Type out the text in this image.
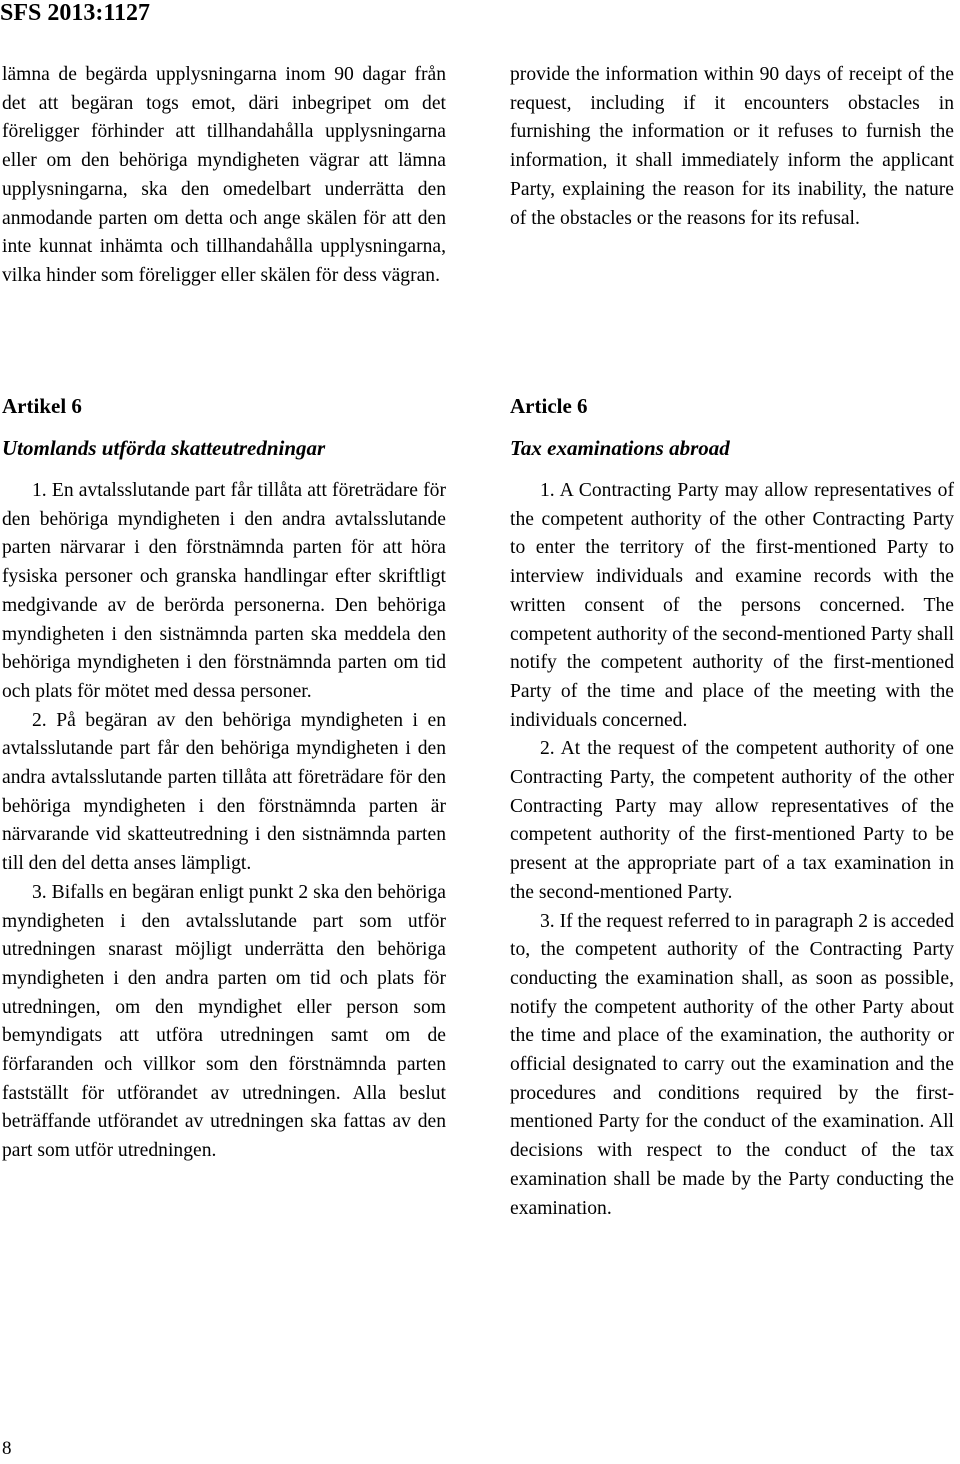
SFS 2013:1127

lämna de begärda upplysningarna inom 90 dagar från det att begäran togs emot, däri inbegripet om det föreligger förhinder att tillhandahålla upplysningarna eller om den behöriga myndigheten vägrar att lämna upplysningarna, ska den omedelbart underrätta den anmodande parten om detta och ange skälen för att den inte kunnat inhämta och tillhandahålla upplysningarna, vilka hinder som föreligger eller skälen för dess vägran.

provide the information within 90 days of receipt of the request, including if it encounters obstacles in furnishing the information or it refuses to furnish the information, it shall immediately inform the applicant Party, explaining the reason for its inability, the nature of the obstacles or the reasons for its refusal.

Artikel 6
Utomlands utförda skatteutredningar
Article 6
Tax examinations abroad

1. En avtalsslutande part får tillåta att företrädare för den behöriga myndigheten i den andra avtalsslutande parten närvarar i den förstnämnda parten för att höra fysiska personer och granska handlingar efter skriftligt medgivande av de berörda personerna. Den behöriga myndigheten i den sistnämnda parten ska meddela den behöriga myndigheten i den förstnämnda parten om tid och plats för mötet med dessa personer.

2. På begäran av den behöriga myndigheten i en avtalsslutande part får den behöriga myndigheten i den andra avtalsslutande parten tillåta att företrädare för den behöriga myndigheten i den förstnämnda parten är närvarande vid skatteutredning i den sistnämnda parten till den del detta anses lämpligt.

3. Bifalls en begäran enligt punkt 2 ska den behöriga myndigheten i den avtalsslutande part som utför utredningen snarast möjligt underrätta den behöriga myndigheten i den andra parten om tid och plats för utredningen, om den myndighet eller person som bemyndigats att utföra utredningen samt om de förfaranden och villkor som den förstnämnda parten fastställt för utförandet av utredningen. Alla beslut beträffande utförandet av utredningen ska fattas av den part som utför utredningen.

1. A Contracting Party may allow representatives of the competent authority of the other Contracting Party to enter the territory of the first-mentioned Party to interview individuals and examine records with the written consent of the persons concerned. The competent authority of the second-mentioned Party shall notify the competent authority of the first-mentioned Party of the time and place of the meeting with the individuals concerned.

2. At the request of the competent authority of one Contracting Party, the competent authority of the other Contracting Party may allow representatives of the competent authority of the first-mentioned Party to be present at the appropriate part of a tax examination in the second-mentioned Party.

3. If the request referred to in paragraph 2 is acceded to, the competent authority of the Contracting Party conducting the examination shall, as soon as possible, notify the competent authority of the other Party about the time and place of the examination, the authority or official designated to carry out the examination and the procedures and conditions required by the first-mentioned Party for the conduct of the examination. All decisions with respect to the conduct of the tax examination shall be made by the Party conducting the examination.

8
